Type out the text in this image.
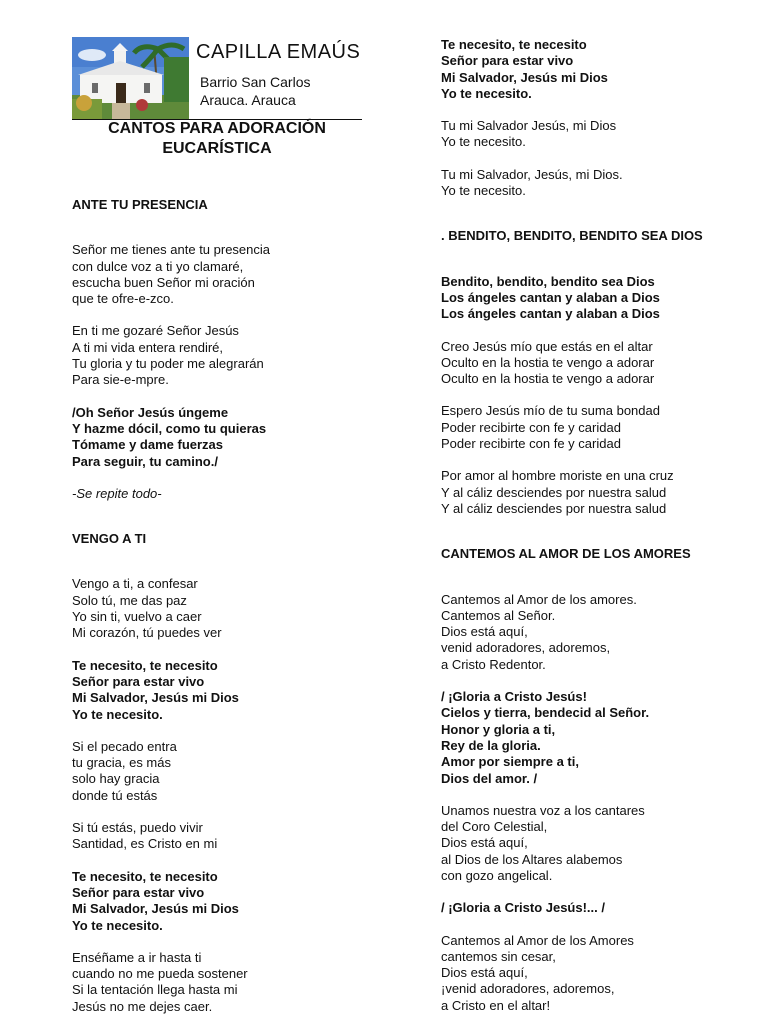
CAPILLA EMAÚS
Barrio San Carlos
Arauca. Arauca
CANTOS PARA ADORACIÓN
EUCARÍSTICA

ANTE TU PRESENCIA

Señor me tienes ante tu presencia
con dulce voz a ti yo clamaré,
escucha buen Señor mi oración
que te ofre-e-zco.

En ti me gozaré Señor Jesús
A ti mi vida entera rendiré,
Tu gloria y tu poder me alegrarán
Para sie-e-mpre.

/Oh Señor Jesús úngeme
Y hazme dócil, como tu quieras
Tómame y dame fuerzas
Para seguir, tu camino./

-Se repite todo-

VENGO A TI

Vengo a ti, a confesar
Solo tú, me das paz
Yo sin ti, vuelvo a caer
Mi corazón, tú puedes ver

Te necesito, te necesito
Señor para estar vivo
Mi Salvador, Jesús mi Dios
Yo te necesito.

Si el pecado entra
tu gracia, es más
solo hay gracia
donde tú estás

Si tú estás, puedo vivir
Santidad, es Cristo en mi

Te necesito, te necesito
Señor para estar vivo
Mi Salvador, Jesús mi Dios
Yo te necesito.

Enséñame a ir hasta ti
cuando no me pueda sostener
Si la tentación llega hasta mi
Jesús no me dejes caer.

Te necesito, te necesito
Señor para estar vivo
Mi Salvador, Jesús mi Dios
Yo te necesito.

Tu mi Salvador Jesús, mi Dios
Yo te necesito.

Tu mi Salvador, Jesús, mi Dios.
Yo te necesito.

. BENDITO, BENDITO, BENDITO SEA DIOS

Bendito, bendito, bendito sea Dios
Los ángeles cantan y alaban a Dios
Los ángeles cantan y alaban a Dios

Creo Jesús mío que estás en el altar
Oculto en la hostia te vengo a adorar
Oculto en la hostia te vengo a adorar

Espero Jesús mío de tu suma bondad
Poder recibirte con fe y caridad
Poder recibirte con fe y caridad

Por amor al hombre moriste en una cruz
Y al cáliz desciendes por nuestra salud
Y al cáliz desciendes por nuestra salud

CANTEMOS AL AMOR DE LOS AMORES

Cantemos al Amor de los amores.
Cantemos al Señor.
Dios está aquí,
venid adoradores, adoremos,
a Cristo Redentor.

/ ¡Gloria a Cristo Jesús!
Cielos y tierra, bendecid al Señor.
Honor y gloria a ti,
Rey de la gloria.
Amor por siempre a ti,
Dios del amor. /

Unamos nuestra voz a los cantares
del Coro Celestial,
Dios está aquí,
al Dios de los Altares alabemos
con gozo angelical.

/ ¡Gloria a Cristo Jesús!... /

Cantemos al Amor de los Amores
cantemos sin cesar,
Dios está aquí,
¡venid adoradores, adoremos,
a Cristo en el altar!
